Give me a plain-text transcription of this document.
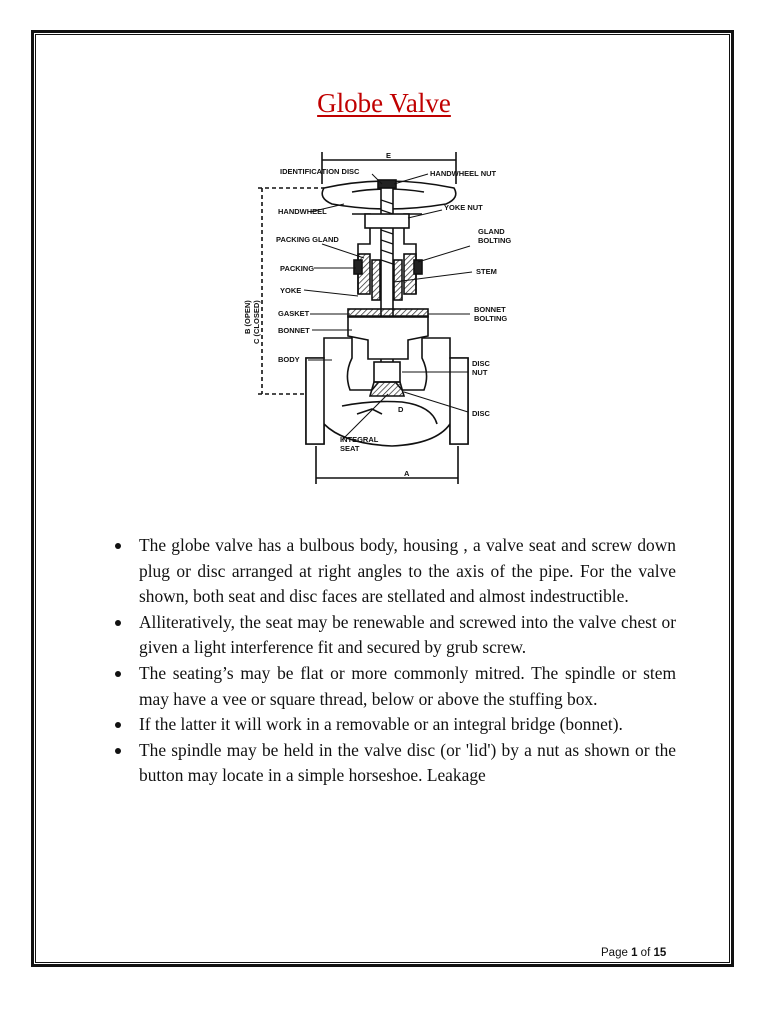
Globe Valve
E
IDENTIFICATION DISC	HANDWHEEL NUT
HANDWHEEL	YOKE NUT
PACKING GLAND
GLAND
BOLTING
PACKING	STEM
YOKE
GASKET	BONNET
BOLTING
BONNET
BODY	DISC
NUT
DISC
D
INTEGRAL
SEAT
A
B (OPEN) C (CLOSED)
The globe valve has a bulbous body, housing , a valve seat and screw down plug or disc arranged at right angles to the axis of the pipe. For the valve shown, both seat and disc faces are stellated and almost indestructible.
Alliteratively, the seat may be renewable and screwed into the valve chest or given a light interference fit and secured by grub screw.
The seating’s may be flat or more commonly mitred. The spindle or stem may have a vee or square thread, below or above the stuffing box.
If the latter it will work in a removable or an integral bridge (bonnet).
The spindle may be held in the valve disc (or 'lid') by a nut as shown or the button may locate in a simple horseshoe. Leakage
Page 1 of 15
